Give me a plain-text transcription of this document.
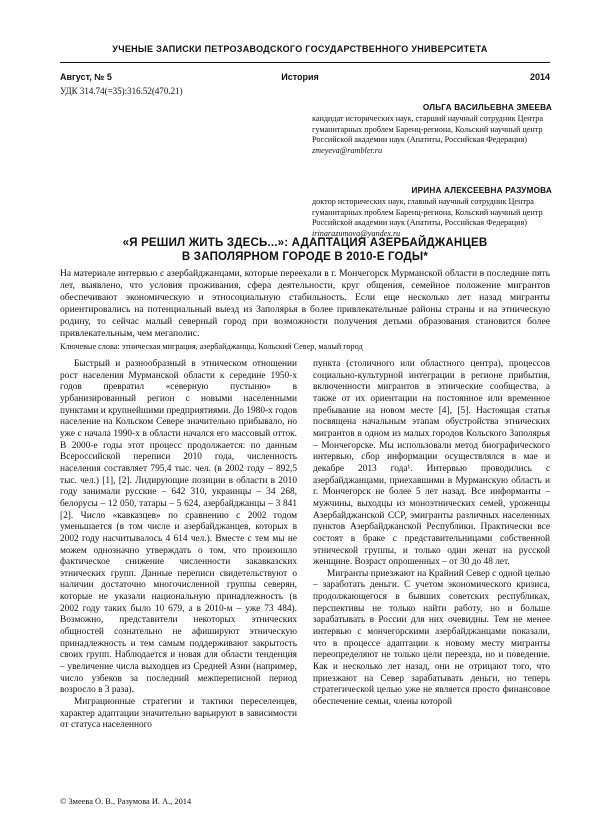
УЧЕНЫЕ ЗАПИСКИ ПЕТРОЗАВОДСКОГО ГОСУДАРСТВЕННОГО УНИВЕРСИТЕТА
Август, № 5	История	2014
УДК 314.74(=35):316.52(470.21)
ОЛЬГА ВАСИЛЬЕВНА ЗМЕЕВА
кандидат исторических наук, старший научный сотрудник Центра гуманитарных проблем Баренц-региона, Кольский научный центр Российской академии наук (Апатиты, Российская Федерация)
zmeyeva@rambler.ru
ИРИНА АЛЕКСЕЕВНА РАЗУМОВА
доктор исторических наук, главный научный сотрудник Центра гуманитарных проблем Баренц-региона, Кольский научный центр Российской академии наук (Апатиты, Российская Федерация)
irinarazumova@yandex.ru
«Я РЕШИЛ ЖИТЬ ЗДЕСЬ...»: АДАПТАЦИЯ АЗЕРБАЙДЖАНЦЕВ
В ЗАПОЛЯРНОМ ГОРОДЕ В 2010-Е ГОДЫ*
На материале интервью с азербайджанцами, которые переехали в г. Мончегорск Мурманской области в последние пять лет, выявлено, что условия проживания, сфера деятельности, круг общения, семейное положение мигрантов обеспечивают экономическую и этносоциальную стабильность. Если еще несколько лет назад мигранты ориентировались на потенциальный выезд из Заполярья в более привлекательные районы страны и на этническую родину, то сейчас малый северный город при возможности получения детьми образования становится более привлекательным, чем мегаполис.
Ключевые слова: этническая миграция, азербайджанцы, Кольский Север, малый город

Быстрый и разнообразный в этническом отношении рост населения Мурманской области к середине 1950-х годов превратил «северную пустыню» в урбанизированный регион с новыми населенными пунктами и крупнейшими предприятиями. До 1980-х годов население на Кольском Севере значительно прибывало, но уже с начала 1990-х в области начался его массовый отток. В 2000-е годы этот процесс продолжается: по данным Всероссийской переписи 2010 года, численность населения составляет 795,4 тыс. чел. (в 2002 году – 892,5 тыс. чел.) [1], [2]. Лидирующие позиции в области в 2010 году занимали русские – 642 310, украинцы – 34 268, белорусы – 12 050, татары – 5 624, азербайджанцы – 3 841 [2]. Число «кавказцев» по сравнению с 2002 годом уменьшается (в том числе и азербайджанцев, которых в 2002 году насчитывалось 4 614 чел.). Вместе с тем мы не можем однозначно утверждать о том, что произошло фактическое снижение численности закавказских этнических групп. Данные переписи свидетельствуют о наличии достаточно многочисленной группы северян, которые не указали национальную принадлежность (в 2002 году таких было 10 679, а в 2010-м – уже 73 484). Возможно, представители некоторых этнических общностей сознательно не афишируют этническую принадлежность и тем самым поддерживают закрытость своих групп. Наблюдается и новая для области тенденция – увеличение числа выходцев из Средней Азии (например, число узбеков за последний межпереписной период возросло в 3 раза).

Миграционные стратегии и тактики переселенцев, характер адаптации значительно варьируют в зависимости от статуса населенного

пункта (столичного или областного центра), процессов социально-культурной интеграции в регионе прибытия, включенности мигрантов в этнические сообщества, а также от их ориентации на постоянное или временное пребывание на новом месте [4], [5]. Настоящая статья посвящена начальным этапам обустройства этнических мигрантов в одном из малых городов Кольского Заполярья – Мончегорске. Мы использовали метод биографического интервью, сбор информации осуществлялся в мае и декабре 2013 года¹. Интервью проводились с азербайджанцами, приехавшими в Мурманскую область и г. Мончегорск не более 5 лет назад. Все информанты – мужчины, выходцы из моноэтнических семей, уроженцы Азербайджанской ССР, эмигранты различных населенных пунктов Азербайджанской Республики. Практически все состоят в браке с представительницами собственной этнической группы, и только один женат на русской женщине. Возраст опрошенных – от 30 до 48 лет.

Мигранты приезжают на Крайний Север с одной целью – заработать деньги. С учетом экономического кризиса, продолжающегося в бывших советских республиках, перспективы не только найти работу, но и больше зарабатывать в России для них очевидны. Тем не менее интервью с мончегорскими азербайджанцами показали, что в процессе адаптации к новому месту мигранты переопределяют не только цели переезда, но и поведение. Как и несколько лет назад, они не отрицают того, что приезжают на Север зарабатывать деньги, но теперь стратегической целью уже не является просто финансовое обеспечение семьи, члены которой

© Змеева О. В., Разумова И. А., 2014
